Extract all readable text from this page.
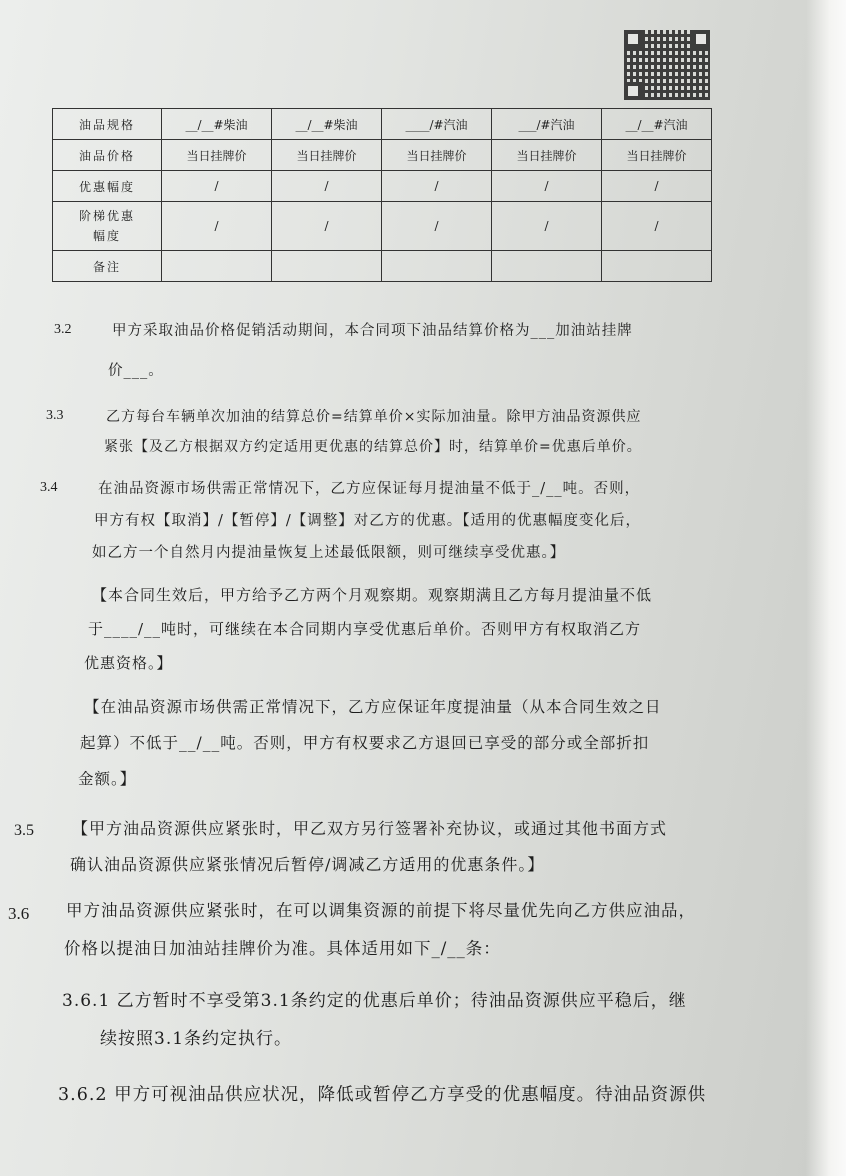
油品规格	__/__#柴油	__/__#柴油	____/#汽油	___/#汽油	__/__#汽油
油品价格	当日挂牌价	当日挂牌价	当日挂牌价	当日挂牌价	当日挂牌价
优惠幅度	/	/	/	/	/
阶梯优惠
幅度	/	/	/	/	/
备注					
3.2	甲方采取油品价格促销活动期间，本合同项下油品结算价格为___加油站挂牌
价___。
3.3	乙方每台车辆单次加油的结算总价=结算单价×实际加油量。除甲方油品资源供应
紧张【及乙方根据双方约定适用更优惠的结算总价】时，结算单价=优惠后单价。
3.4	在油品资源市场供需正常情况下，乙方应保证每月提油量不低于_/__吨。否则，
甲方有权【取消】/【暂停】/【调整】对乙方的优惠。【适用的优惠幅度变化后，
如乙方一个自然月内提油量恢复上述最低限额，则可继续享受优惠。】
【本合同生效后，甲方给予乙方两个月观察期。观察期满且乙方每月提油量不低
于____/__吨时，可继续在本合同期内享受优惠后单价。否则甲方有权取消乙方
优惠资格。】
【在油品资源市场供需正常情况下，乙方应保证年度提油量（从本合同生效之日
起算）不低于__/__吨。否则，甲方有权要求乙方退回已享受的部分或全部折扣
金额。】
3.5 【甲方油品资源供应紧张时，甲乙双方另行签署补充协议，或通过其他书面方式
确认油品资源供应紧张情况后暂停/调减乙方适用的优惠条件。】
3.6 甲方油品资源供应紧张时，在可以调集资源的前提下将尽量优先向乙方供应油品，
价格以提油日加油站挂牌价为准。具体适用如下_/__条：
3.6.1 乙方暂时不享受第3.1条约定的优惠后单价；待油品资源供应平稳后，继
续按照3.1条约定执行。
3.6.2 甲方可视油品供应状况，降低或暂停乙方享受的优惠幅度。待油品资源供
